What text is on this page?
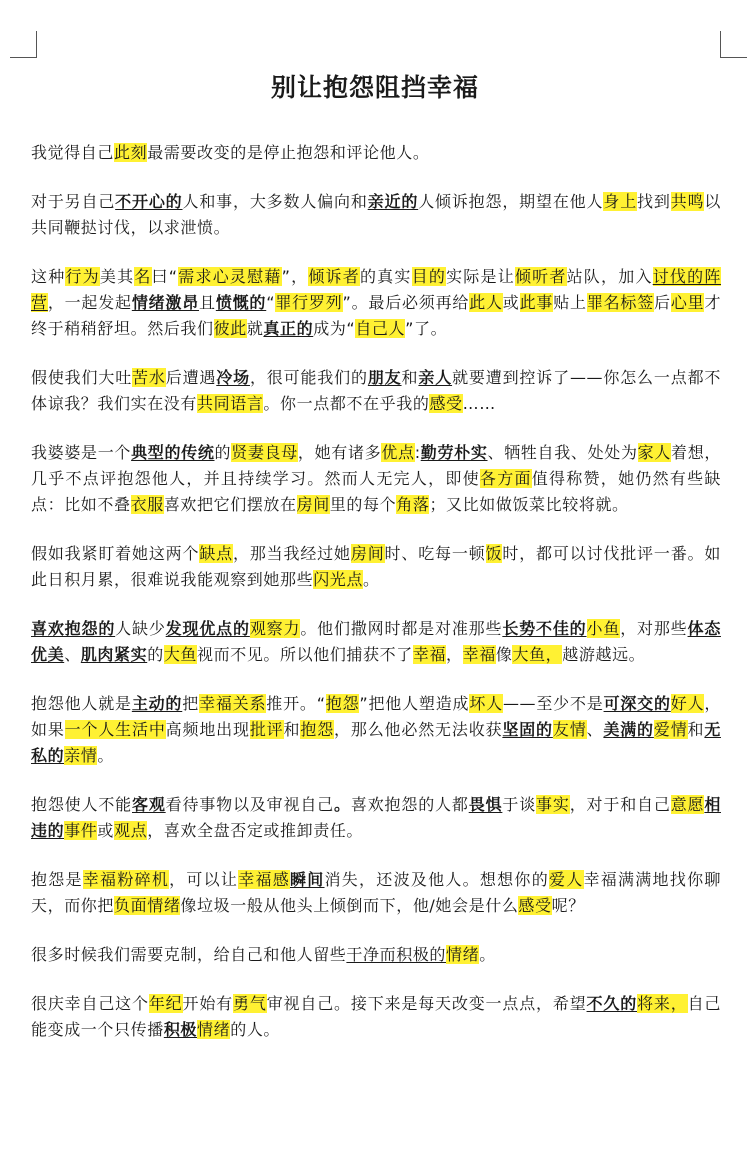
别让抱怨阻挡幸福

我觉得自己此刻最需要改变的是停止抱怨和评论他人。

对于另自己不开心的人和事，大多数人偏向和亲近的人倾诉抱怨，期望在他人身上找到共鸣以共同鞭挞讨伐，以求泄愤。

这种行为美其名曰“需求心灵慰藉”，倾诉者的真实目的实际是让倾听者站队，加入讨伐的阵营，一起发起情绪激昂且愤慨的“罪行罗列”。最后必须再给此人或此事贴上罪名标签后心里才终于稍稍舒坦。然后我们彼此就真正的成为“自己人”了。

假使我们大吐苦水后遭遇冷场，很可能我们的朋友和亲人就要遭到控诉了——你怎么一点都不体谅我？我们实在没有共同语言。你一点都不在乎我的感受……

我婆婆是一个典型的传统的贤妻良母，她有诸多优点:勤劳朴实、牺牲自我、处处为家人着想，几乎不点评抱怨他人，并且持续学习。然而人无完人，即使各方面值得称赞，她仍然有些缺点：比如不叠衣服喜欢把它们摆放在房间里的每个角落；又比如做饭菜比较将就。

假如我紧盯着她这两个缺点，那当我经过她房间时、吃每一顿饭时，都可以讨伐批评一番。如此日积月累，很难说我能观察到她那些闪光点。

喜欢抱怨的人缺少发现优点的观察力。他们撒网时都是对准那些长势不佳的小鱼，对那些体态优美、肌肉紧实的大鱼视而不见。所以他们捕获不了幸福，幸福像大鱼，越游越远。

抱怨他人就是主动的把幸福关系推开。“抱怨”把他人塑造成坏人——至少不是可深交的好人，如果一个人生活中高频地出现批评和抱怨，那么他必然无法收获坚固的友情、美满的爱情和无私的亲情。

抱怨使人不能客观看待事物以及审视自己。喜欢抱怨的人都畏惧于谈事实，对于和自己意愿相违的事件或观点，喜欢全盘否定或推卸责任。

抱怨是幸福粉碎机，可以让幸福感瞬间消失，还波及他人。想想你的爱人幸福满满地找你聊天，而你把负面情绪像垃圾一般从他头上倾倒而下，他/她会是什么感受呢？

很多时候我们需要克制，给自己和他人留些干净而积极的情绪。

很庆幸自己这个年纪开始有勇气审视自己。接下来是每天改变一点点，希望不久的将来，自己能变成一个只传播积极情绪的人。
